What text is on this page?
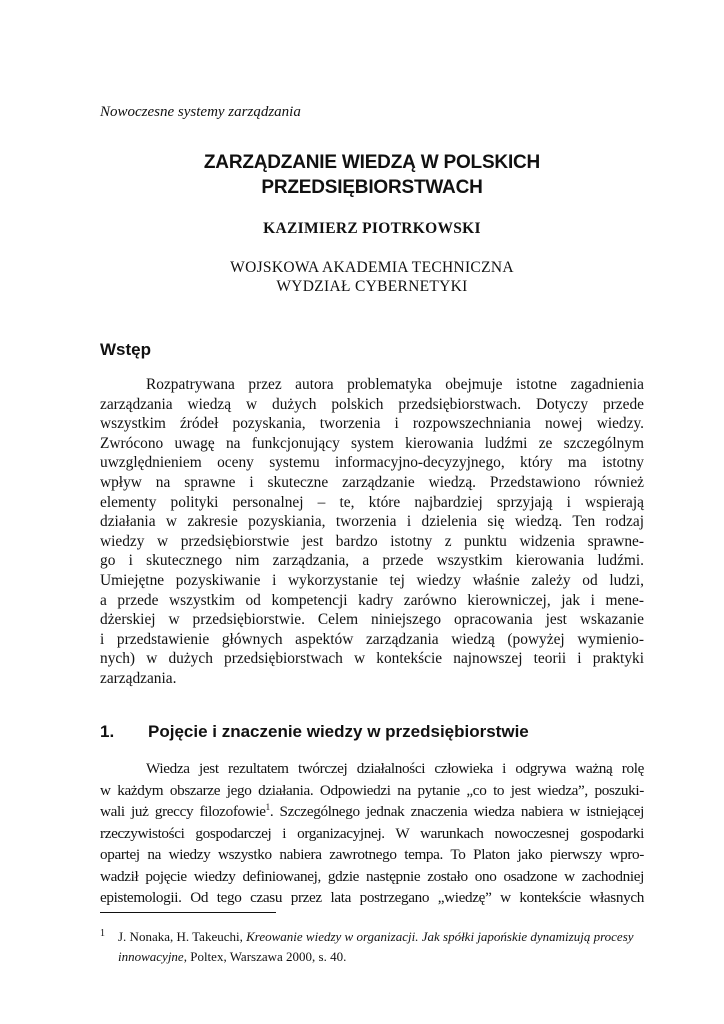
Nowoczesne systemy zarządzania
ZARZĄDZANIE WIEDZĄ W POLSKICH
PRZEDSIĘBIORSTWACH
KAZIMIERZ PIOTRKOWSKI
WOJSKOWA AKADEMIA TECHNICZNA
WYDZIAŁ CYBERNETYKI
Wstęp
Rozpatrywana przez autora problematyka obejmuje istotne zagadnienia
zarządzania wiedzą w dużych polskich przedsiębiorstwach. Dotyczy przede
wszystkim źródeł pozyskania, tworzenia i rozpowszechniania nowej wiedzy.
Zwrócono uwagę na funkcjonujący system kierowania ludźmi ze szczególnym
uwzględnieniem oceny systemu informacyjno-decyzyjnego, który ma istotny
wpływ na sprawne i skuteczne zarządzanie wiedzą. Przedstawiono również
elementy polityki personalnej – te, które najbardziej sprzyjają i wspierają
działania w zakresie pozyskiania, tworzenia i dzielenia się wiedzą. Ten rodzaj
wiedzy w przedsiębiorstwie jest bardzo istotny z punktu widzenia sprawne-
go i skutecznego nim zarządzania, a przede wszystkim kierowania ludźmi.
Umiejętne pozyskiwanie i wykorzystanie tej wiedzy właśnie zależy od ludzi,
a przede wszystkim od kompetencji kadry zarówno kierowniczej, jak i mene-
dżerskiej w przedsiębiorstwie. Celem niniejszego opracowania jest wskazanie
i przedstawienie głównych aspektów zarządzania wiedzą (powyżej wymienio-
nych) w dużych przedsiębiorstwach w kontekście najnowszej teorii i praktyki
zarządzania.
1. Pojęcie i znaczenie wiedzy w przedsiębiorstwie
Wiedza jest rezultatem twórczej działalności człowieka i odgrywa ważną rolę
w każdym obszarze jego działania. Odpowiedzi na pytanie „co to jest wiedza”, poszuki-
wali już greccy filozofowie$^1$. Szczególnego jednak znaczenia wiedza nabiera w istniejącej
rzeczywistości gospodarczej i organizacyjnej. W warunkach nowoczesnej gospodarki
opartej na wiedzy wszystko nabiera zawrotnego tempa. To Platon jako pierwszy wpro-
wadził pojęcie wiedzy definiowanej, gdzie następnie zostało ono osadzone w zachodniej
epistemologii. Od tego czasu przez lata postrzegano „wiedzę” w kontekście własnych
1 J. Nonaka, H. Takeuchi, Kreowanie wiedzy w organizacji. Jak spółki japońskie dynamizują procesy
innowacyjne, Poltex, Warszawa 2000, s. 40.
